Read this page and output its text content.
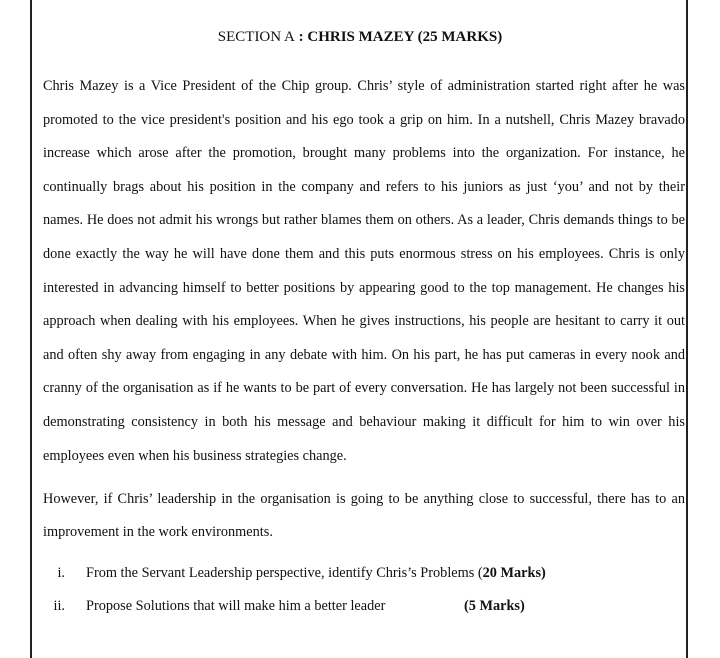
SECTION A : CHRIS MAZEY (25 MARKS)

Chris Mazey is a Vice President of the Chip group. Chris’ style of administration started right after he was promoted to the vice president's position and his ego took a grip on him. In a nutshell, Chris Mazey bravado increase which arose after the promotion, brought many problems into the organization. For instance, he continually brags about his position in the company and refers to his juniors as just ‘you’ and not by their names. He does not admit his wrongs but rather blames them on others. As a leader, Chris demands things to be done exactly the way he will have done them and this puts enormous stress on his employees. Chris is only interested in advancing himself to better positions by appearing good to the top management. He changes his approach when dealing with his employees. When he gives instructions, his people are hesitant to carry it out and often shy away from engaging in any debate with him. On his part, he has put cameras in every nook and cranny of the organisation as if he wants to be part of every conversation. He has largely not been successful in demonstrating consistency in both his message and behaviour making it difficult for him to win over his employees even when his business strategies change.

However, if Chris’ leadership in the organisation is going to be anything close to successful, there has to an improvement in the work environments.

i. From the Servant Leadership perspective, identify Chris’s Problems (20 Marks)
ii. Propose Solutions that will make him a better leader	(5 Marks)
